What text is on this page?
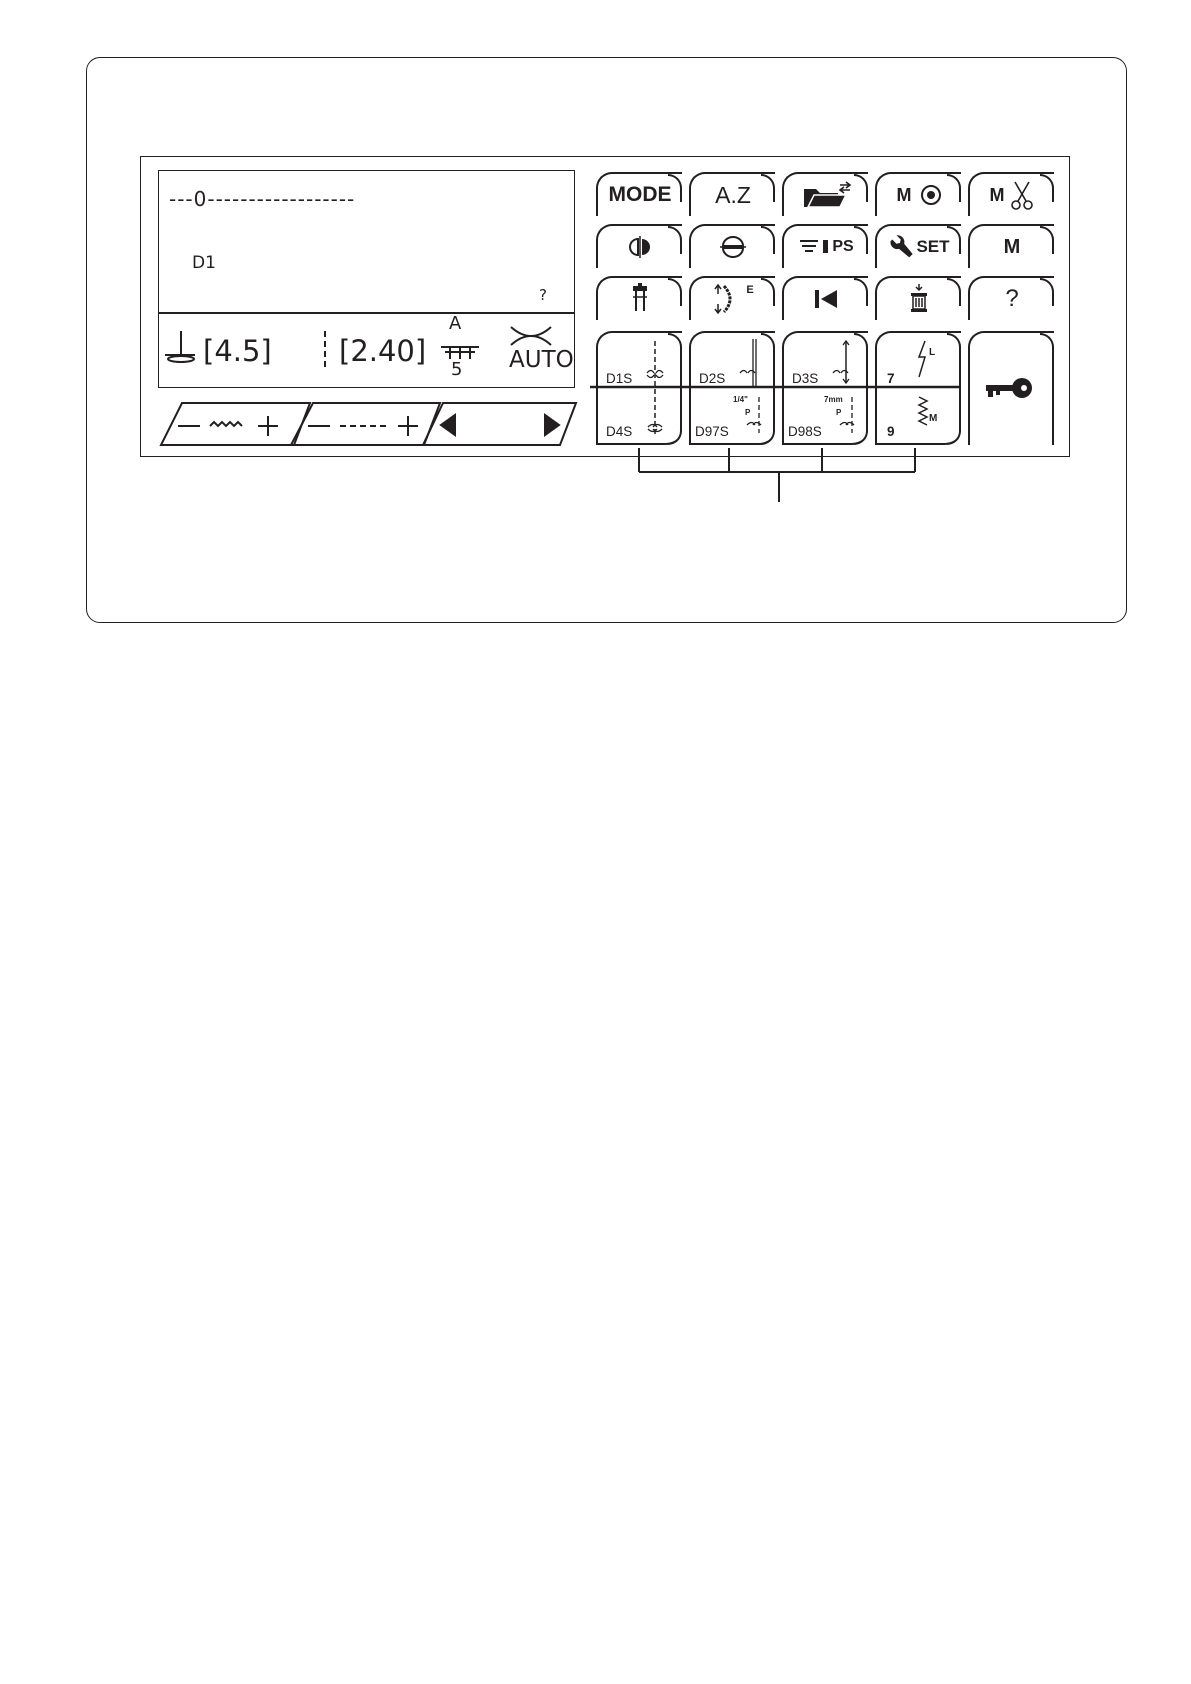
---0------------------
D1
?
[4.5] [2.40]
A
5 AUTO
MODE A.Z	M	M
PS	SET	M
E	?
D1S
D4S
D2S
D97S
1/4"
P
D3S
D98S
7mm
P
7
9
L
M
